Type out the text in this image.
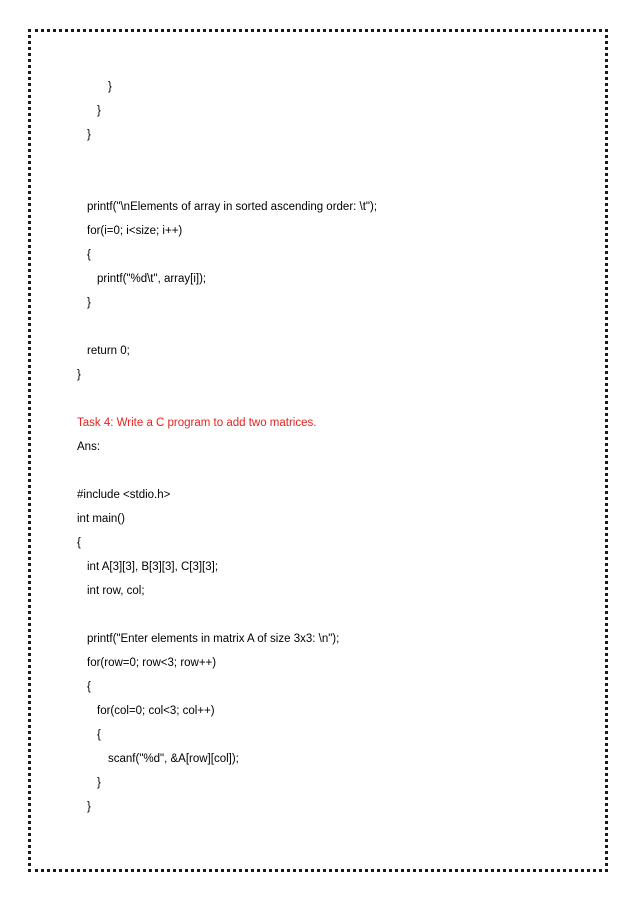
}
}
}
printf("\nElements of array in sorted ascending order: \t");
for(i=0; i<size; i++)
{
printf("%d\t", array[i]);
}
return 0;
}
Task 4: Write a C program to add two matrices.
Ans:
#include <stdio.h>
int main()
{
int A[3][3], B[3][3], C[3][3];
int row, col;
printf("Enter elements in matrix A of size 3x3: \n");
for(row=0; row<3; row++)
{
for(col=0; col<3; col++)
{
scanf("%d", &A[row][col]);
}
}
